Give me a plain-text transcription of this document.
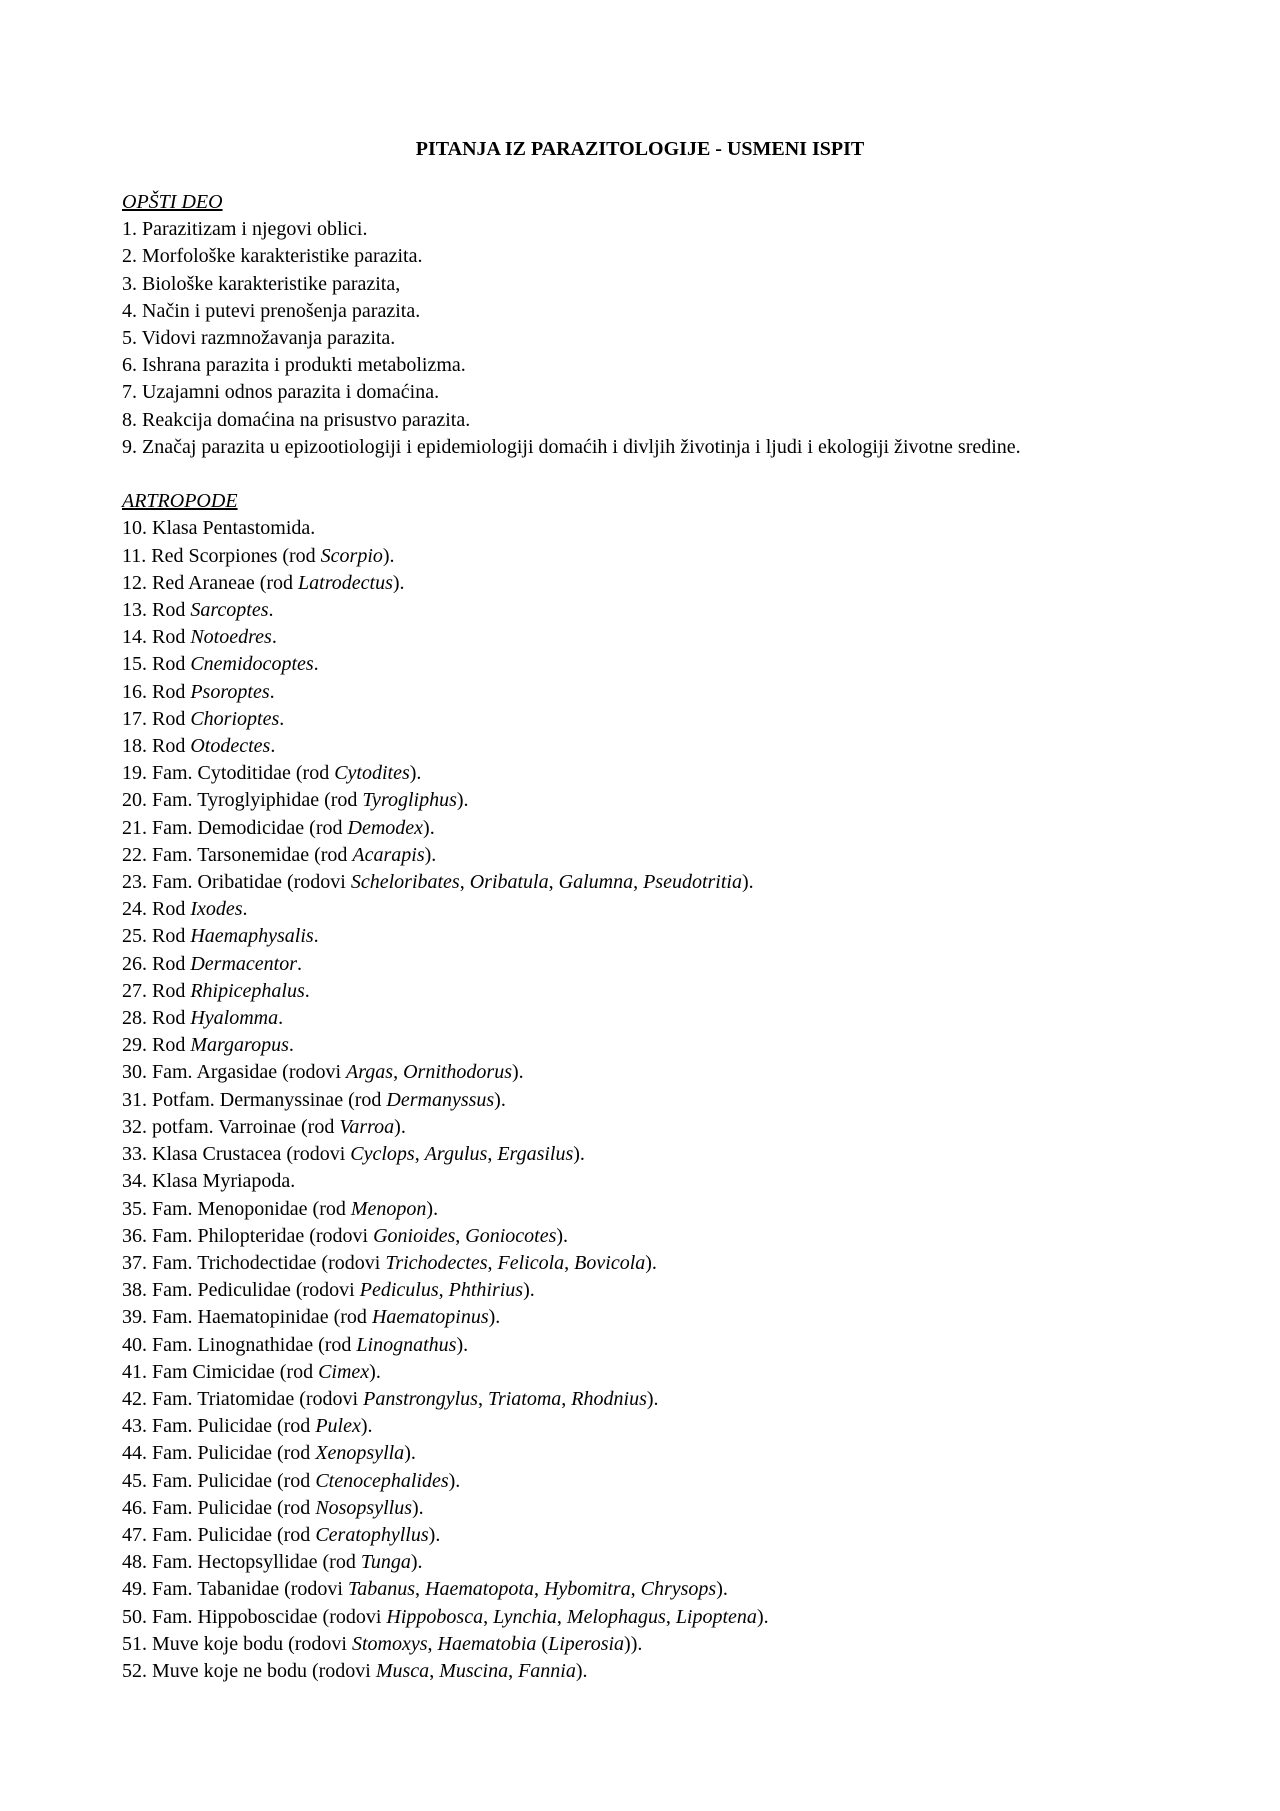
PITANJA IZ PARAZITOLOGIJE - USMENI ISPIT
OPŠTI DEO
1. Parazitizam i njegovi oblici.
2. Morfološke karakteristike parazita.
3. Biološke karakteristike parazita,
4. Način i putevi prenošenja parazita.
5. Vidovi razmnožavanja parazita.
6. Ishrana parazita i produkti metabolizma.
7. Uzajamni odnos parazita i domaćina.
8. Reakcija domaćina na prisustvo parazita.
9. Značaj parazita u epizootiologiji i epidemiologiji domaćih i divljih životinja i ljudi i ekologiji životne sredine.
ARTROPODE
10. Klasa Pentastomida.
11. Red Scorpiones (rod Scorpio).
12. Red Araneae (rod Latrodectus).
13. Rod Sarcoptes.
14. Rod Notoedres.
15. Rod Cnemidocoptes.
16. Rod Psoroptes.
17. Rod Chorioptes.
18. Rod Otodectes.
19. Fam. Cytoditidae (rod Cytodites).
20. Fam. Tyroglyiphidae (rod Tyrogliphus).
21. Fam. Demodicidae (rod Demodex).
22. Fam. Tarsonemidae (rod Acarapis).
23. Fam. Oribatidae (rodovi Scheloribates, Oribatula, Galumna, Pseudotritia).
24. Rod Ixodes.
25. Rod Haemaphysalis.
26. Rod Dermacentor.
27. Rod Rhipicephalus.
28. Rod Hyalomma.
29. Rod Margaropus.
30. Fam. Argasidae (rodovi Argas, Ornithodorus).
31. Potfam. Dermanyssinae (rod Dermanyssus).
32. potfam. Varroinae (rod Varroa).
33. Klasa Crustacea (rodovi Cyclops, Argulus, Ergasilus).
34. Klasa Myriapoda.
35. Fam. Menoponidae (rod Menopon).
36. Fam. Philopteridae (rodovi Gonioides, Goniocotes).
37. Fam. Trichodectidae (rodovi Trichodectes, Felicola, Bovicola).
38. Fam. Pediculidae (rodovi Pediculus, Phthirius).
39. Fam. Haematopinidae (rod Haematopinus).
40. Fam. Linognathidae (rod Linognathus).
41. Fam Cimicidae (rod Cimex).
42. Fam. Triatomidae (rodovi Panstrongylus, Triatoma, Rhodnius).
43. Fam. Pulicidae (rod Pulex).
44. Fam. Pulicidae (rod Xenopsylla).
45. Fam. Pulicidae (rod Ctenocephalides).
46. Fam. Pulicidae (rod Nosopsyllus).
47. Fam. Pulicidae (rod Ceratophyllus).
48. Fam. Hectopsyllidae (rod Tunga).
49. Fam. Tabanidae (rodovi Tabanus, Haematopota, Hybomitra, Chrysops).
50. Fam. Hippoboscidae (rodovi Hippobosca, Lynchia, Melophagus, Lipoptena).
51. Muve koje bodu (rodovi Stomoxys, Haematobia (Liperosia)).
52. Muve koje ne bodu (rodovi Musca, Muscina, Fannia).
